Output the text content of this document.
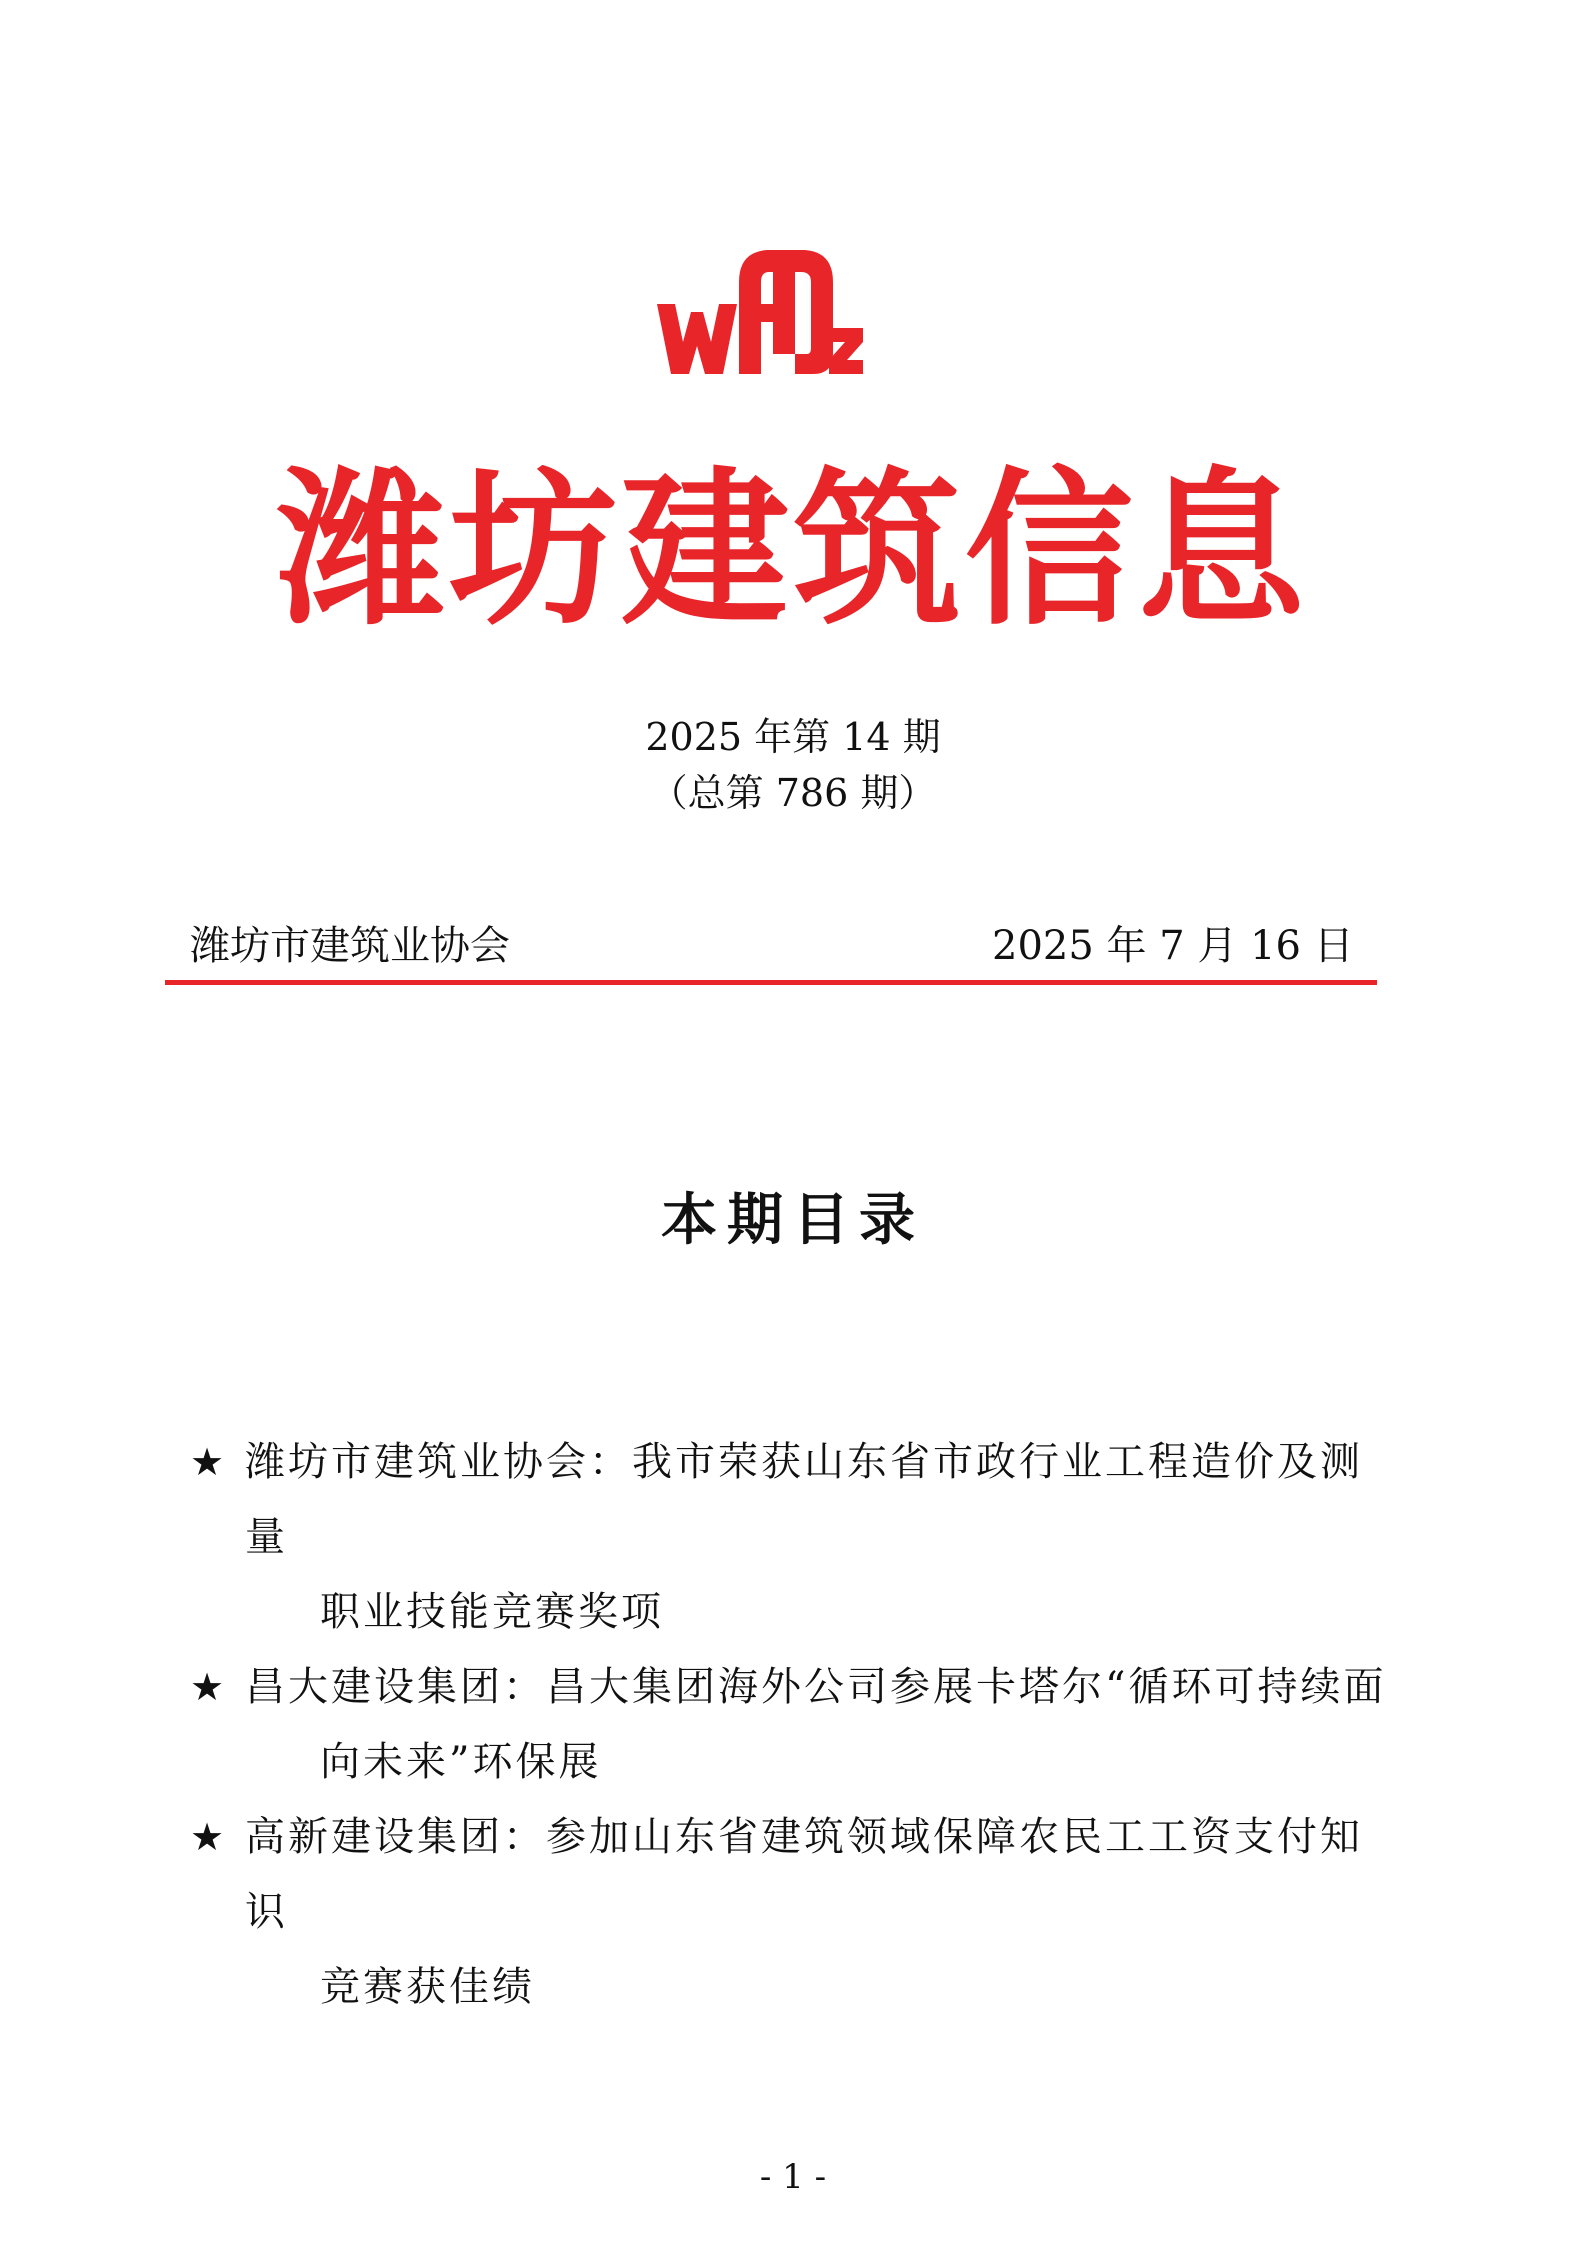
潍坊建筑信息
2025 年第 14 期
（总第 786 期）
潍坊市建筑业协会	2025 年 7 月 16 日
本期目录
★ 潍坊市建筑业协会：我市荣获山东省市政行业工程造价及测量
职业技能竞赛奖项
★ 昌大建设集团：昌大集团海外公司参展卡塔尔“循环可持续面
向未来”环保展
★ 高新建设集团：参加山东省建筑领域保障农民工工资支付知识
竞赛获佳绩
- 1 -
